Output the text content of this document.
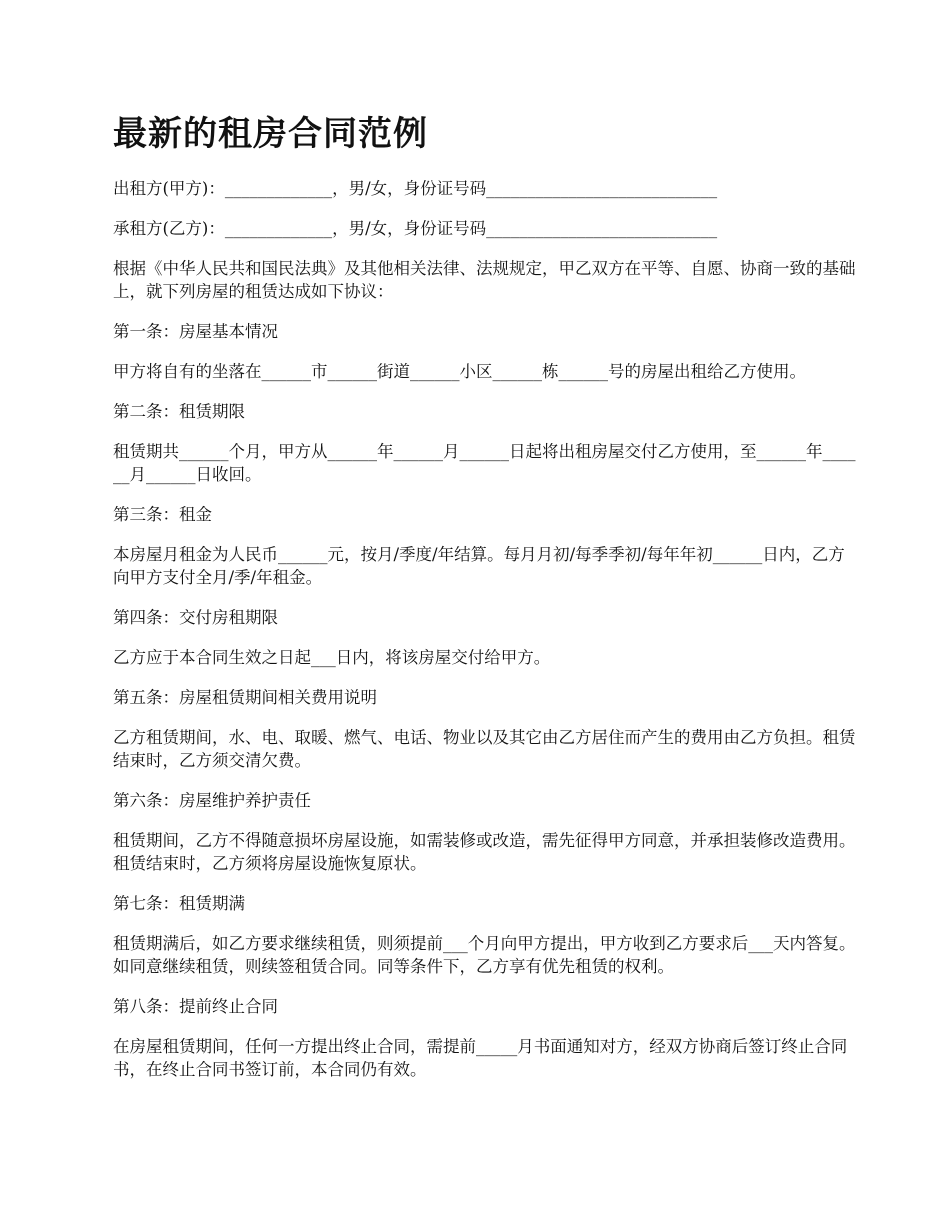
最新的租房合同范例

出租方(甲方)：_____________，男/女，身份证号码____________________________

承租方(乙方)：_____________，男/女，身份证号码____________________________

根据《中华人民共和国民法典》及其他相关法律、法规规定，甲乙双方在平等、自愿、协商一致的基础上，就下列房屋的租赁达成如下协议：

第一条：房屋基本情况

甲方将自有的坐落在______市______街道______小区______栋______号的房屋出租给乙方使用。

第二条：租赁期限

租赁期共______个月，甲方从______年______月______日起将出租房屋交付乙方使用，至______年______月______日收回。

第三条：租金

本房屋月租金为人民币______元，按月/季度/年结算。每月月初/每季季初/每年年初______日内，乙方向甲方支付全月/季/年租金。

第四条：交付房租期限

乙方应于本合同生效之日起___日内，将该房屋交付给甲方。

第五条：房屋租赁期间相关费用说明

乙方租赁期间，水、电、取暖、燃气、电话、物业以及其它由乙方居住而产生的费用由乙方负担。租赁结束时，乙方须交清欠费。

第六条：房屋维护养护责任

租赁期间，乙方不得随意损坏房屋设施，如需装修或改造，需先征得甲方同意，并承担装修改造费用。租赁结束时，乙方须将房屋设施恢复原状。

第七条：租赁期满

租赁期满后，如乙方要求继续租赁，则须提前___个月向甲方提出，甲方收到乙方要求后___天内答复。如同意继续租赁，则续签租赁合同。同等条件下，乙方享有优先租赁的权利。

第八条：提前终止合同

在房屋租赁期间，任何一方提出终止合同，需提前_____月书面通知对方，经双方协商后签订终止合同书，在终止合同书签订前，本合同仍有效。
